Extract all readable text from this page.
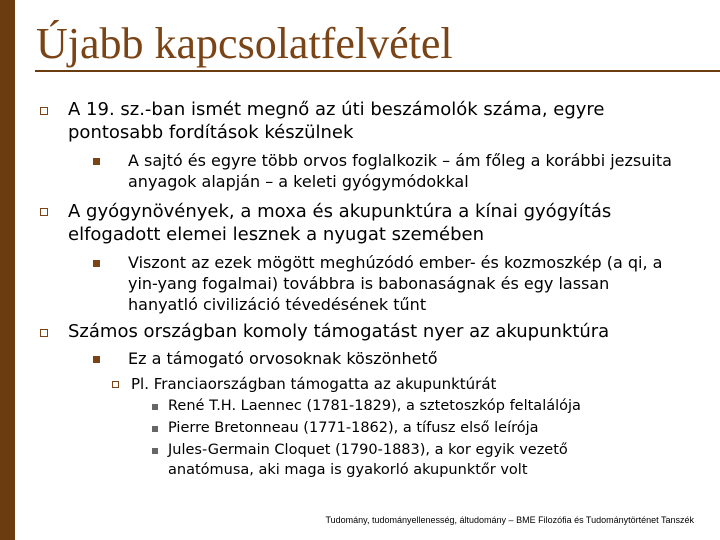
Újabb kapcsolatfelvétel

A 19. sz.-ban ismét megnő az úti beszámolók száma, egyre pontosabb fordítások készülnek

A sajtó és egyre több orvos foglalkozik – ám főleg a korábbi jezsuita anyagok alapján – a keleti gyógymódokkal

A gyógynövények, a moxa és akupunktúra a kínai gyógyítás elfogadott elemei lesznek a nyugat szemében

Viszont az ezek mögött meghúzódó ember- és kozmoszkép (a qi, a yin-yang fogalmai) továbbra is babonaságnak és egy lassan hanyatló civilizáció tévedésének tűnt

Számos országban komoly támogatást nyer az akupunktúra

Ez a támogató orvosoknak köszönhető

Pl. Franciaországban támogatta az akupunktúrát

René T.H. Laennec (1781-1829), a sztetoszkóp feltalálója

Pierre Bretonneau (1771-1862), a tífusz első leírója

Jules-Germain Cloquet (1790-1883), a kor egyik vezető anatómusa, aki maga is gyakorló akupunktőr volt

Tudomány, tudományellenesség, áltudomány – BME Filozófia és Tudománytörténet Tanszék
